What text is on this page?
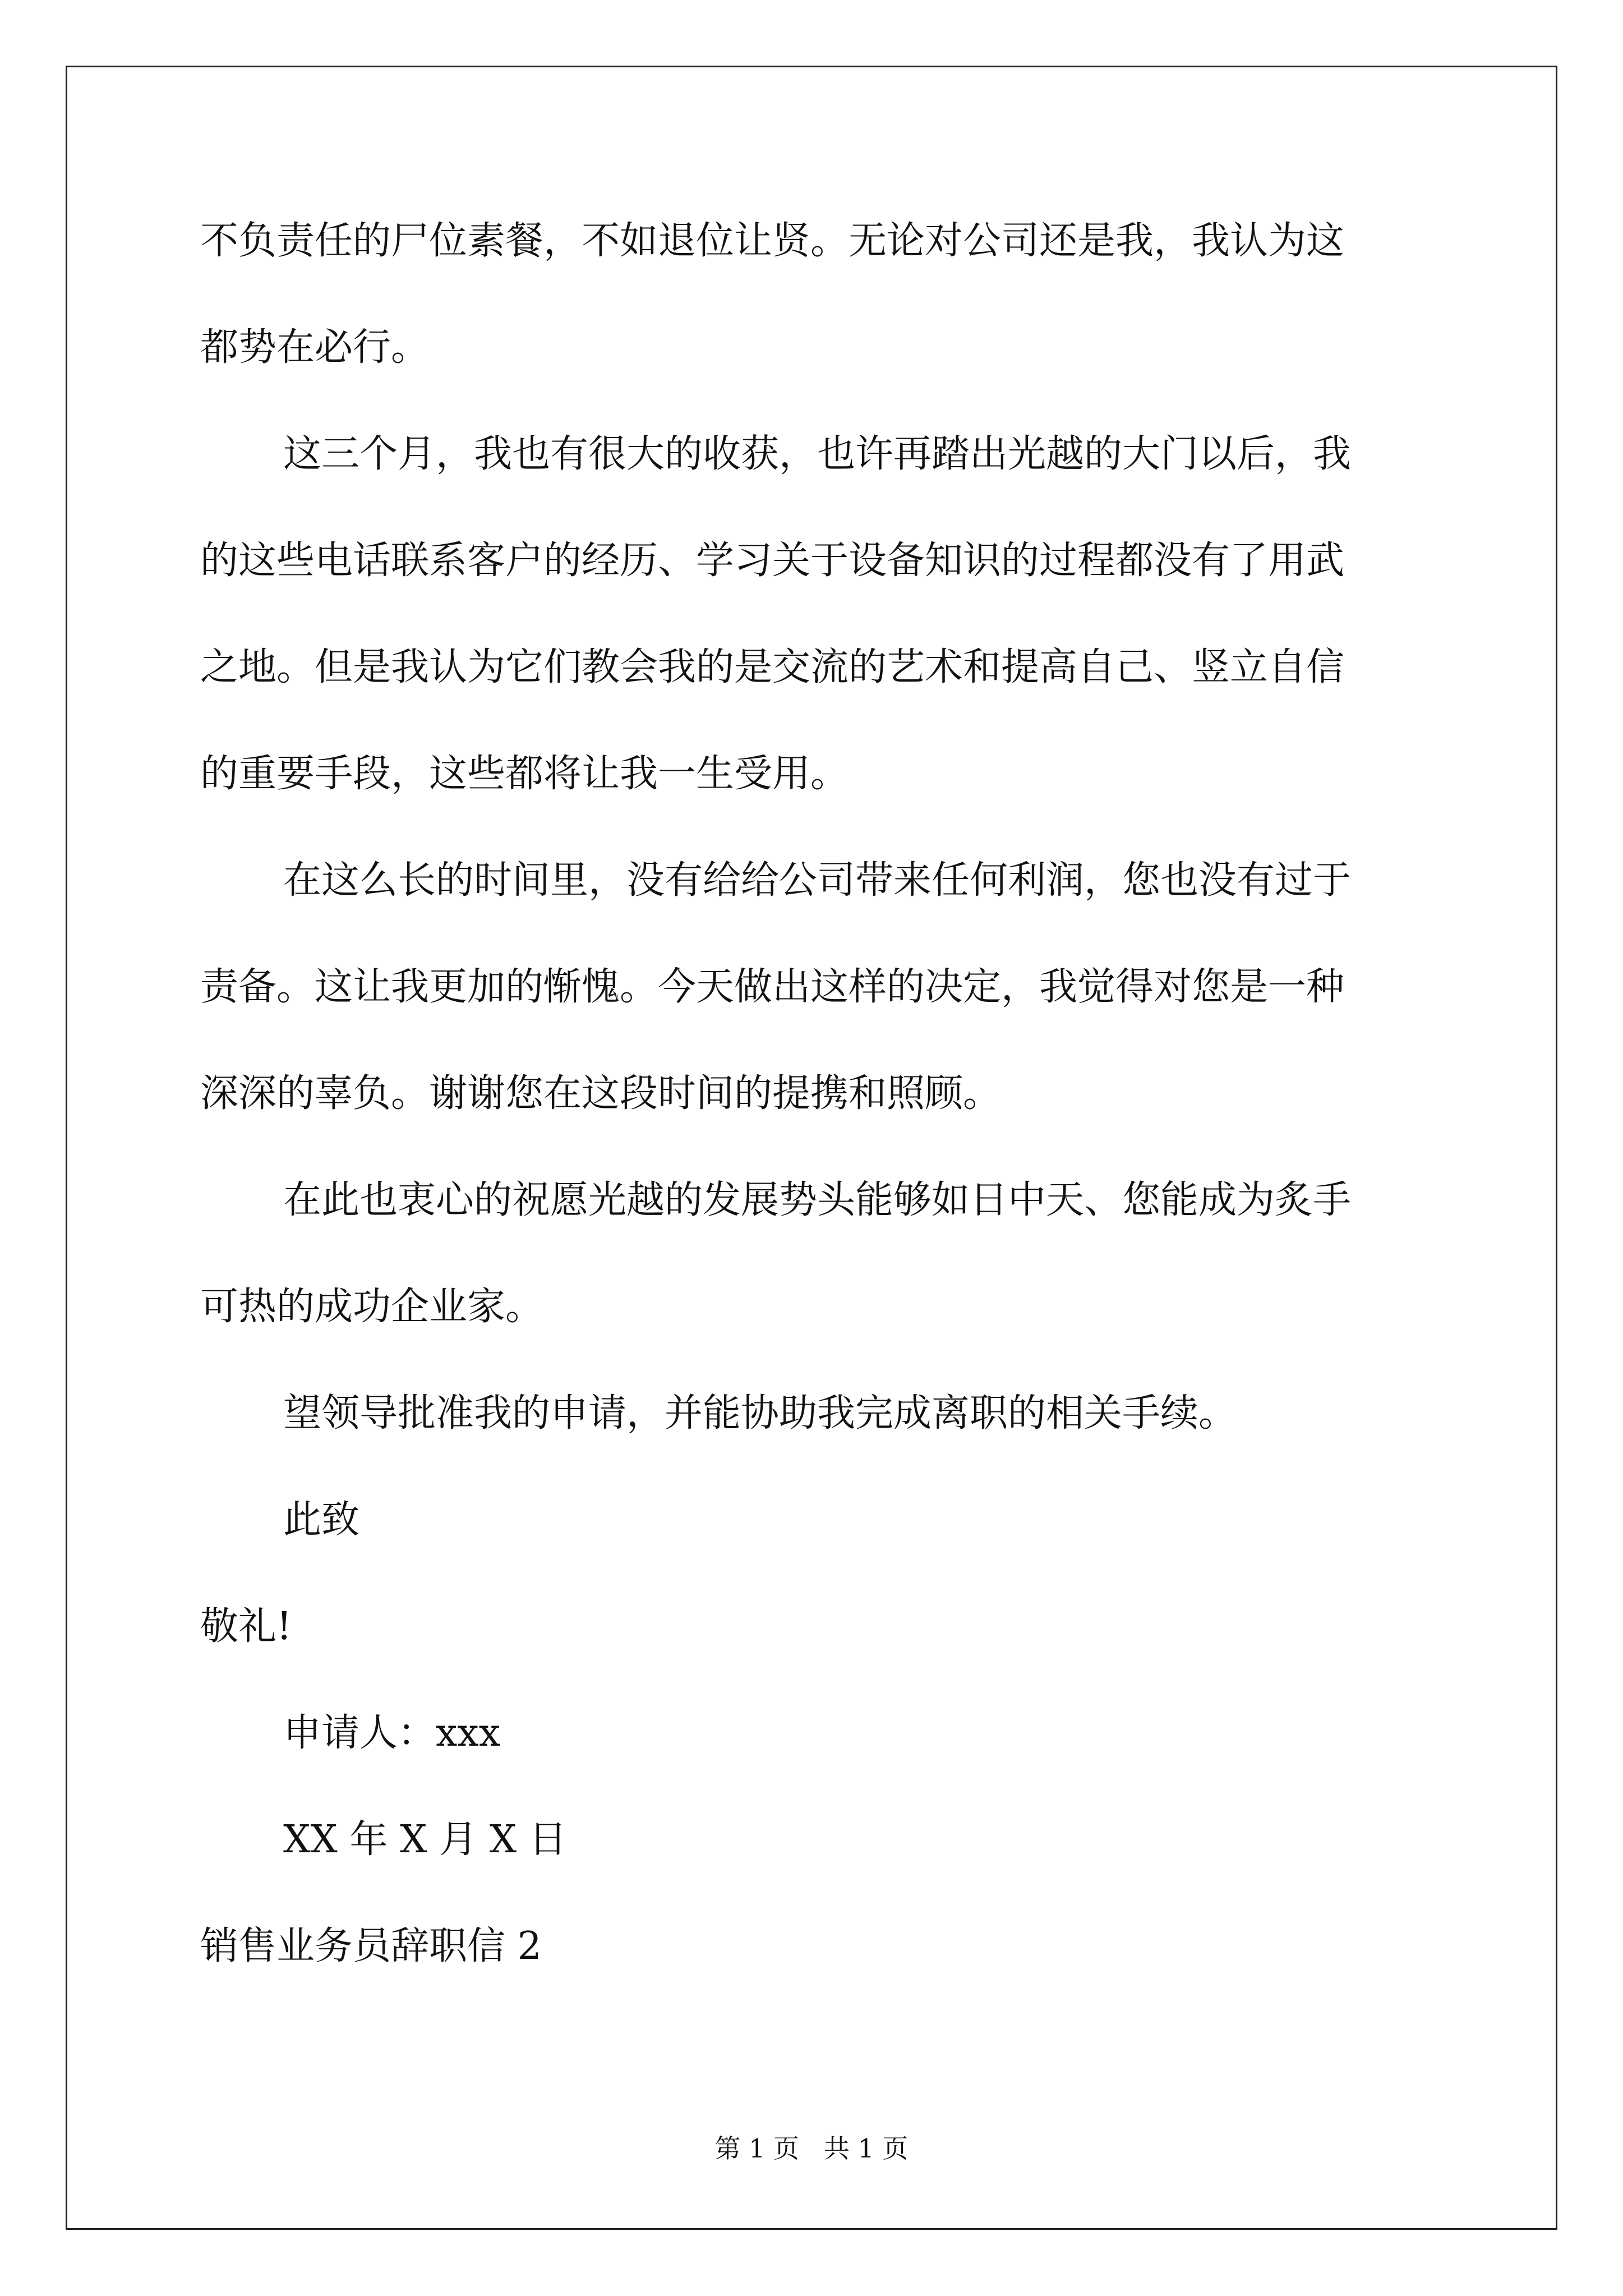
不负责任的尸位素餐，不如退位让贤。无论对公司还是我，我认为这
都势在必行。
这三个月，我也有很大的收获，也许再踏出光越的大门以后，我
的这些电话联系客户的经历、学习关于设备知识的过程都没有了用武
之地。但是我认为它们教会我的是交流的艺术和提高自己、竖立自信
的重要手段，这些都将让我一生受用。
在这么长的时间里，没有给给公司带来任何利润，您也没有过于
责备。这让我更加的惭愧。今天做出这样的决定，我觉得对您是一种
深深的辜负。谢谢您在这段时间的提携和照顾。
在此也衷心的祝愿光越的发展势头能够如日中天、您能成为炙手
可热的成功企业家。
望领导批准我的申请，并能协助我完成离职的相关手续。
此致
敬礼!
申请人：xxx
XX 年 X 月 X 日
销售业务员辞职信 2
第 1 页   共 1 页
